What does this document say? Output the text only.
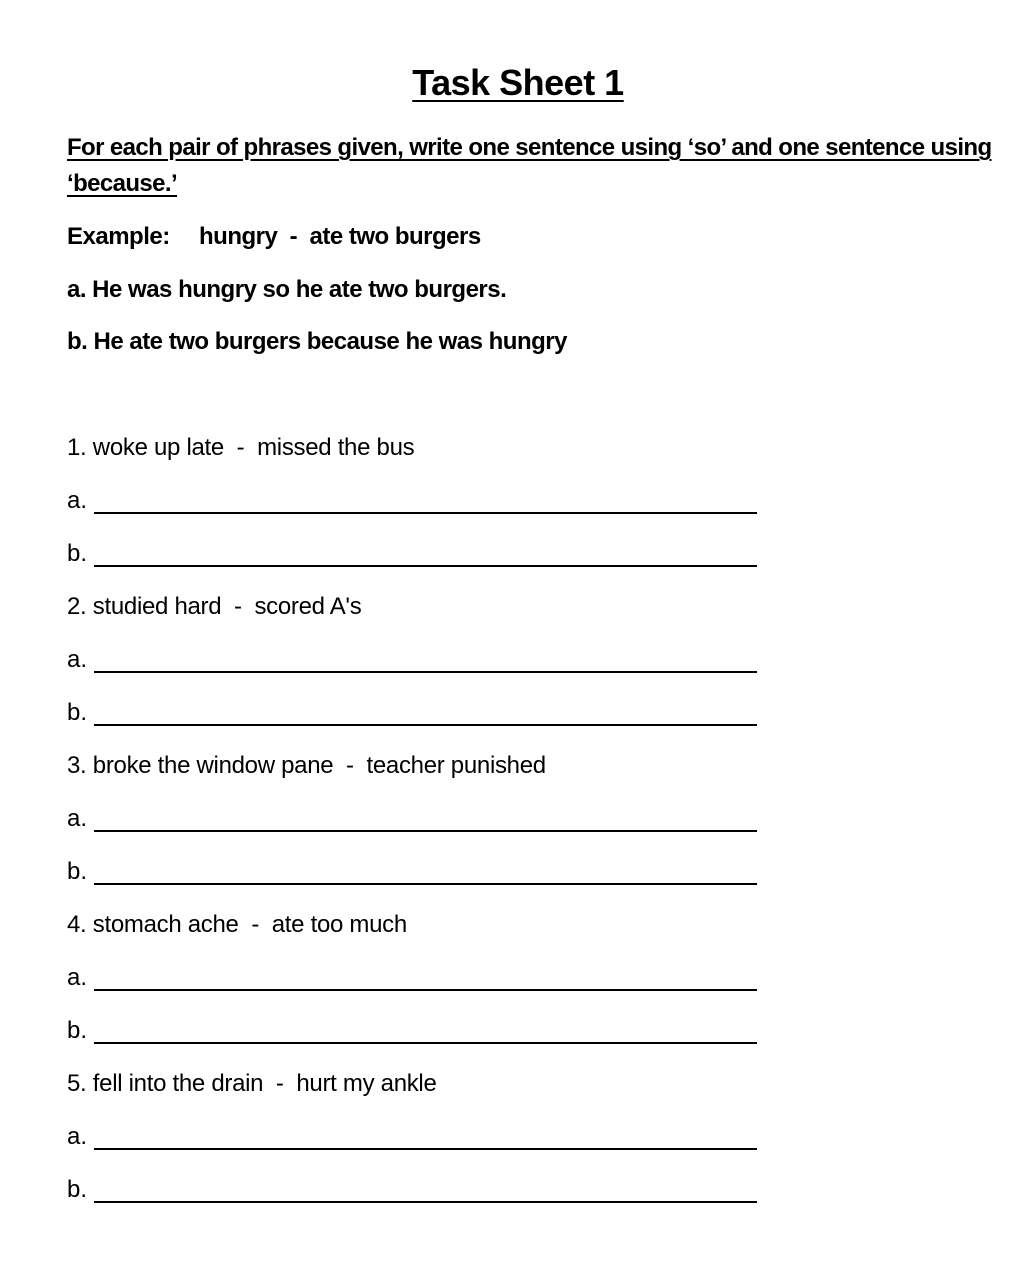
Task Sheet 1
For each pair of phrases given, write one sentence using ‘so’ and one sentence using ‘because.’
Example: hungry  -  ate two burgers
a. He was hungry so he ate two burgers.
b. He ate two burgers because he was hungry
1. woke up late  -  missed the bus
a.
b.
2. studied hard  -  scored A's
a.
b.
3. broke the window pane  -  teacher punished
a.
b.
4. stomach ache  -  ate too much
a.
b.
5. fell into the drain  -  hurt my ankle
a.
b.
